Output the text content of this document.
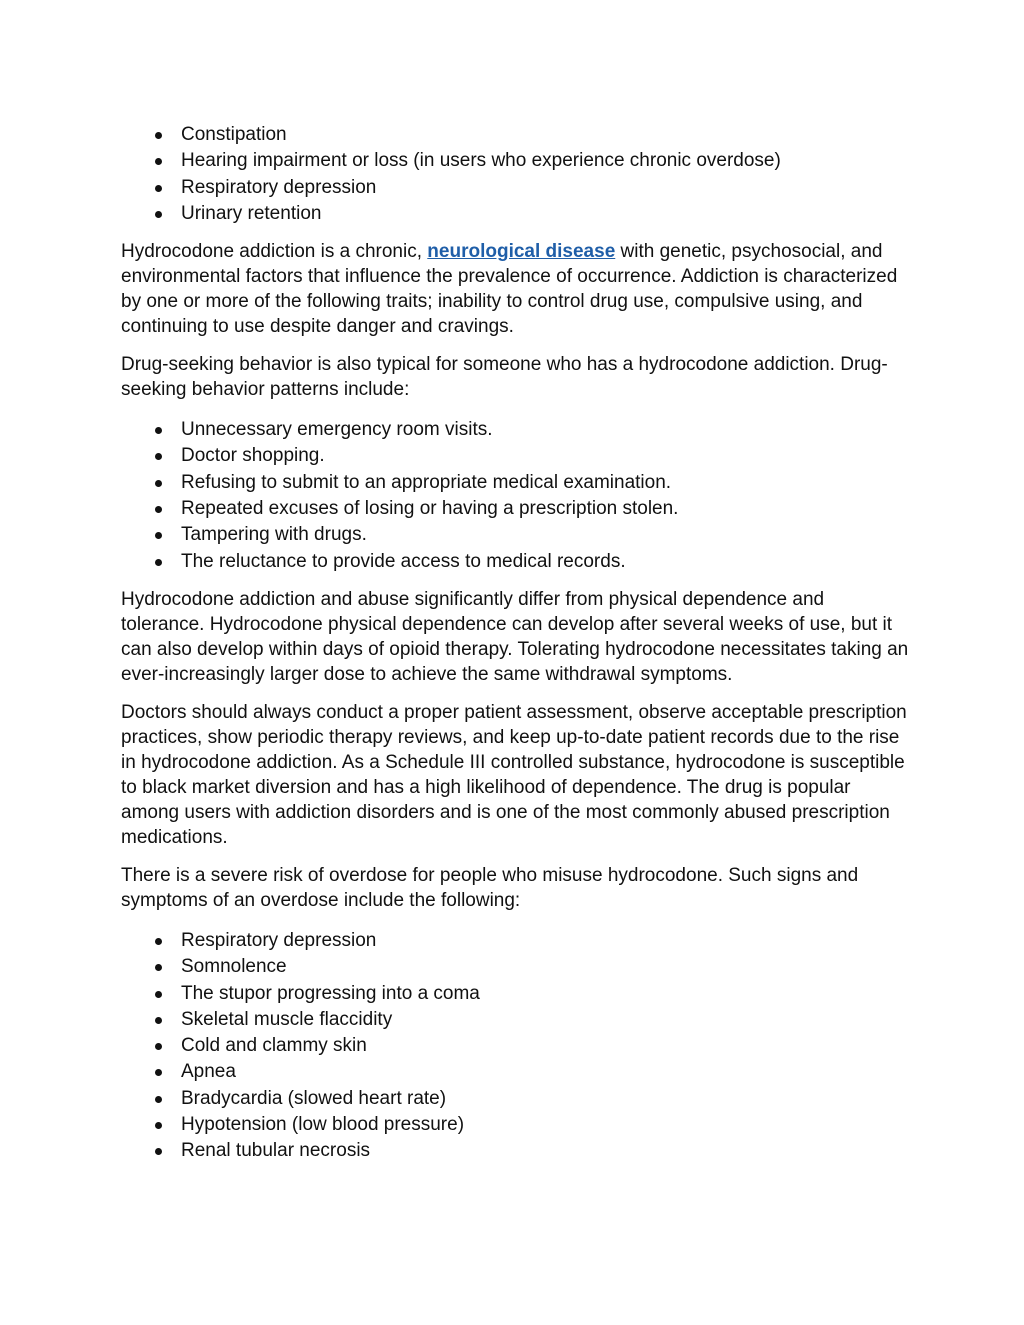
Constipation
Hearing impairment or loss (in users who experience chronic overdose)
Respiratory depression
Urinary retention

Hydrocodone addiction is a chronic, neurological disease with genetic, psychosocial, and environmental factors that influence the prevalence of occurrence. Addiction is characterized by one or more of the following traits; inability to control drug use, compulsive using, and continuing to use despite danger and cravings.

Drug-seeking behavior is also typical for someone who has a hydrocodone addiction. Drug-seeking behavior patterns include:

Unnecessary emergency room visits.
Doctor shopping.
Refusing to submit to an appropriate medical examination.
Repeated excuses of losing or having a prescription stolen.
Tampering with drugs.
The reluctance to provide access to medical records.

Hydrocodone addiction and abuse significantly differ from physical dependence and tolerance. Hydrocodone physical dependence can develop after several weeks of use, but it can also develop within days of opioid therapy. Tolerating hydrocodone necessitates taking an ever-increasingly larger dose to achieve the same withdrawal symptoms.

Doctors should always conduct a proper patient assessment, observe acceptable prescription practices, show periodic therapy reviews, and keep up-to-date patient records due to the rise in hydrocodone addiction. As a Schedule III controlled substance, hydrocodone is susceptible to black market diversion and has a high likelihood of dependence. The drug is popular among users with addiction disorders and is one of the most commonly abused prescription medications.

There is a severe risk of overdose for people who misuse hydrocodone. Such signs and symptoms of an overdose include the following:

Respiratory depression
Somnolence
The stupor progressing into a coma
Skeletal muscle flaccidity
Cold and clammy skin
Apnea
Bradycardia (slowed heart rate)
Hypotension (low blood pressure)
Renal tubular necrosis
